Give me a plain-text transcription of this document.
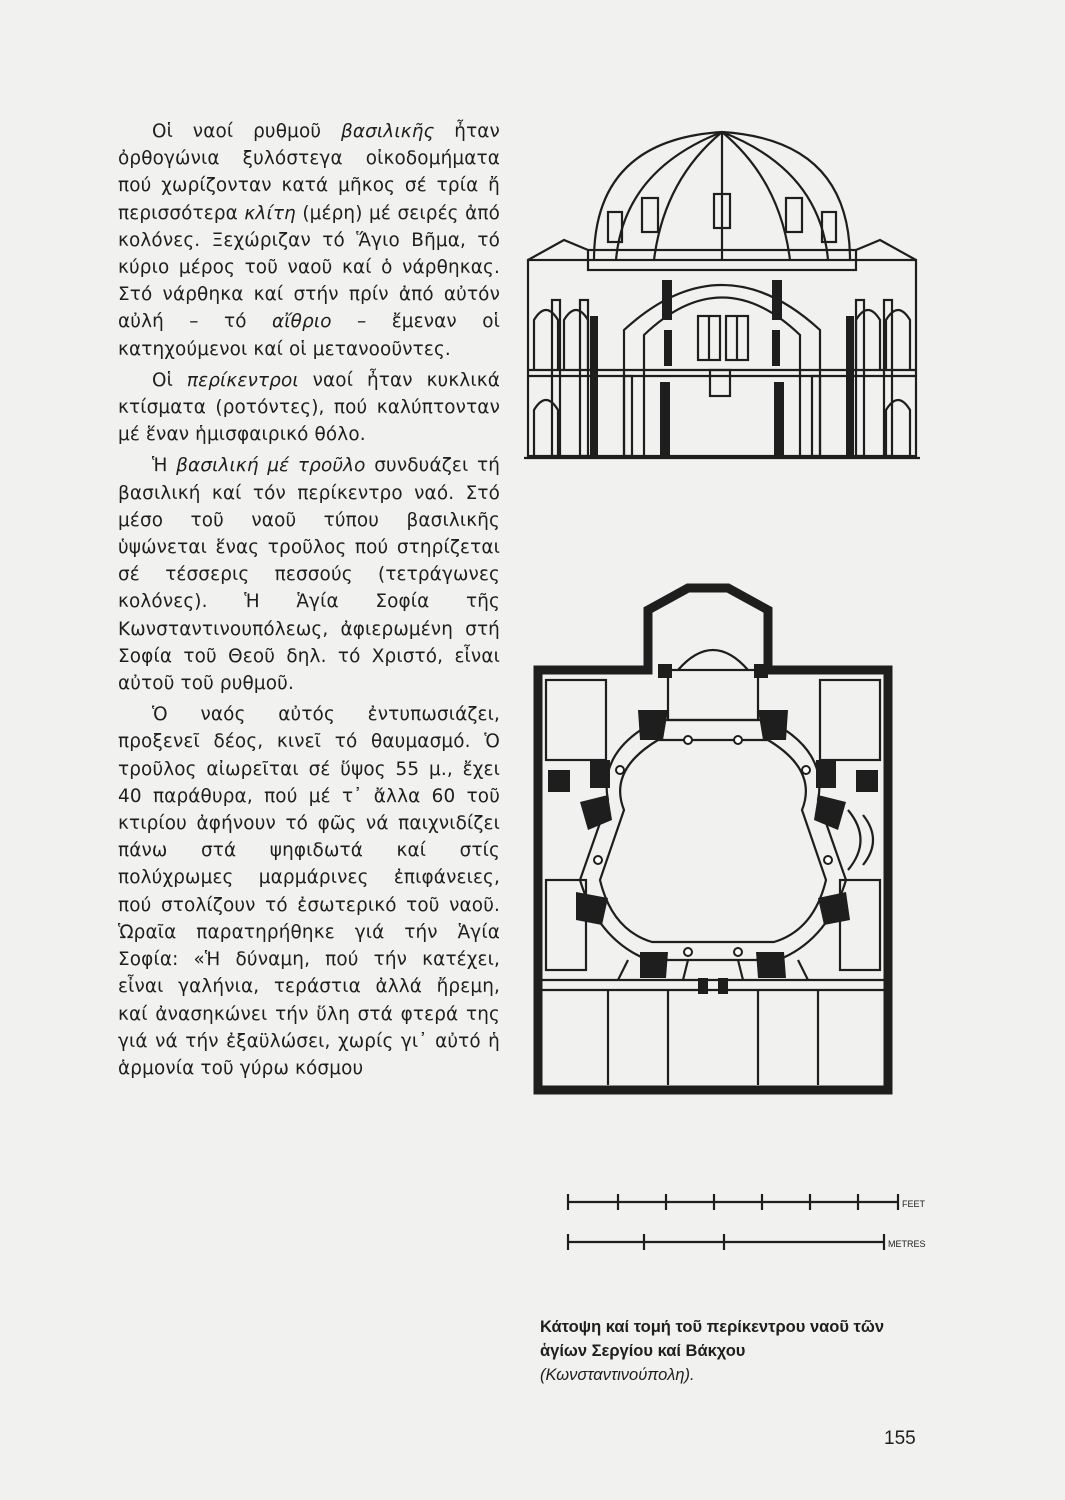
Οἱ ναοί ρυθμοῦ βασιλικῆς ἦταν ὀρθογώνια ξυλόστεγα οἰκοδομήματα πού χωρίζονταν κατά μῆκος σέ τρία ἤ περισσότερα κλίτη (μέρη) μέ σειρές ἀπό κολόνες. Ξεχώριζαν τό Ἅγιο Βῆμα, τό κύριο μέρος τοῦ ναοῦ καί ὁ νάρθηκας. Στό νάρθηκα καί στήν πρίν ἀπό αὐτόν αὐλή – τό αἴθριο – ἔμεναν οἱ κατηχούμενοι καί οἱ μετανοοῦντες.

Οἱ περίκεντροι ναοί ἦταν κυκλικά κτίσματα (ροτόντες), πού καλύπτονταν μέ ἕναν ἡμισφαιρικό θόλο.

Ἡ βασιλική μέ τροῦλο συνδυάζει τή βασιλική καί τόν περίκεντρο ναό. Στό μέσο τοῦ ναοῦ τύπου βασιλικῆς ὑψώνεται ἕνας τροῦλος πού στηρίζεται σέ τέσσερις πεσσούς (τετράγωνες κολόνες). Ἡ Ἁγία Σοφία τῆς Κωνσταντινουπόλεως, ἀφιερωμένη στή Σοφία τοῦ Θεοῦ δηλ. τό Χριστό, εἶναι αὐτοῦ τοῦ ρυθμοῦ.

Ὁ ναός αὐτός ἐντυπωσιάζει, προξενεῖ δέος, κινεῖ τό θαυμασμό. Ὁ τροῦλος αἰωρεῖται σέ ὕψος 55 μ., ἔχει 40 παράθυρα, πού μέ τ᾽ ἄλλα 60 τοῦ κτιρίου ἀφήνουν τό φῶς νά παιχνιδίζει πάνω στά ψηφιδωτά καί στίς πολύχρωμες μαρμάρινες ἐπιφάνειες, πού στολίζουν τό ἐσωτερικό τοῦ ναοῦ. Ὡραῖα παρατηρήθηκε γιά τήν Ἁγία Σοφία: «Ἡ δύναμη, πού τήν κατέχει, εἶναι γαλήνια, τεράστια ἀλλά ἤρεμη, καί ἀνασηκώνει τήν ὕλη στά φτερά της γιά νά τήν ἐξαϋλώσει, χωρίς γι᾽ αὐτό ἡ ἁρμονία τοῦ γύρω κόσμου

FEET
METRES
Κάτοψη καί τομή τοῦ περίκεντρου ναοῦ τῶν ἁγίων Σεργίου καί Βάκχου
(Κωνσταντινούπολη).
155
